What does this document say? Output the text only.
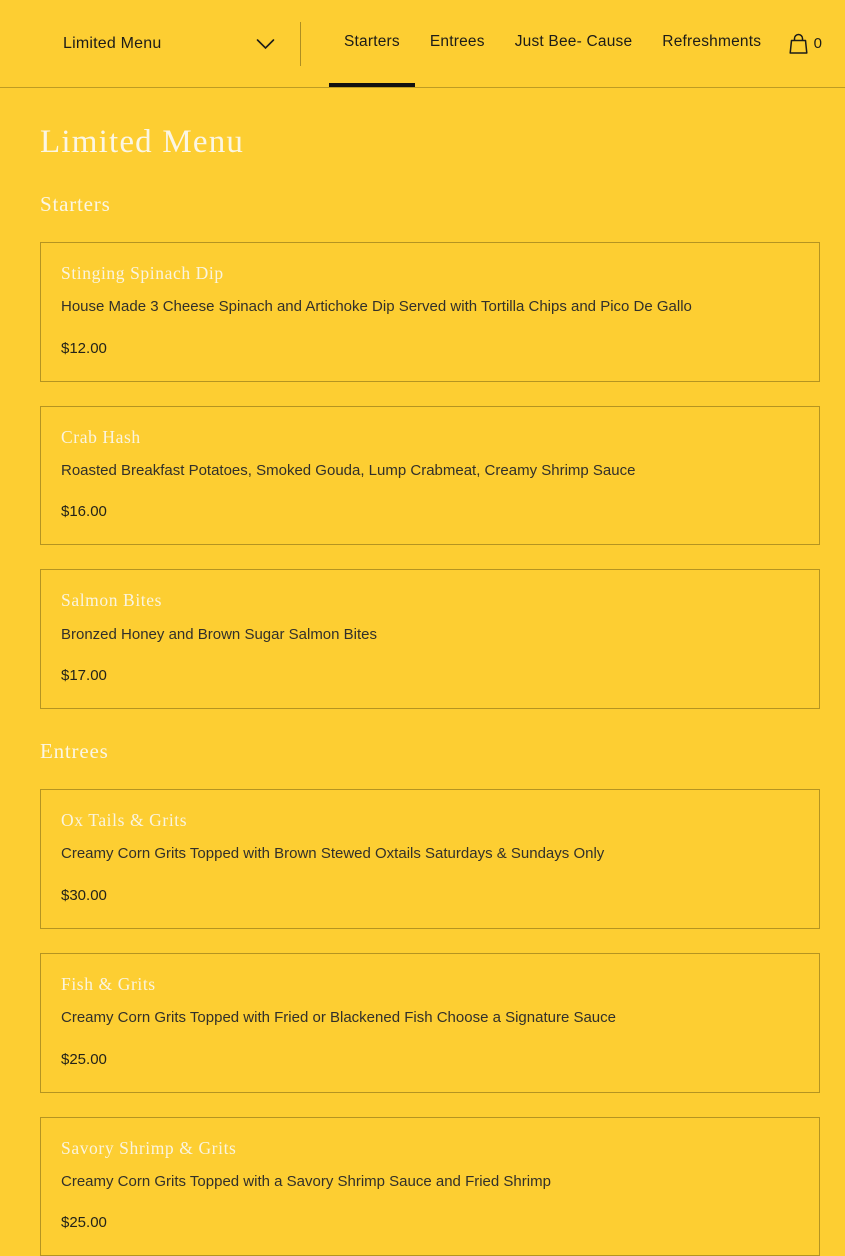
Limited Menu	Starters	Entrees	Just Bee- Cause	Refreshments	0
Limited Menu
Starters
Stinging Spinach Dip
House Made 3 Cheese Spinach and Artichoke Dip Served with Tortilla Chips and Pico De Gallo
$12.00
Crab Hash
Roasted Breakfast Potatoes, Smoked Gouda, Lump Crabmeat, Creamy Shrimp Sauce
$16.00
Salmon Bites
Bronzed Honey and Brown Sugar Salmon Bites
$17.00
Entrees
Ox Tails & Grits
Creamy Corn Grits Topped with Brown Stewed Oxtails Saturdays & Sundays Only
$30.00
Fish & Grits
Creamy Corn Grits Topped with Fried or Blackened Fish Choose a Signature Sauce
$25.00
Savory Shrimp & Grits
Creamy Corn Grits Topped with a Savory Shrimp Sauce and Fried Shrimp
$25.00
